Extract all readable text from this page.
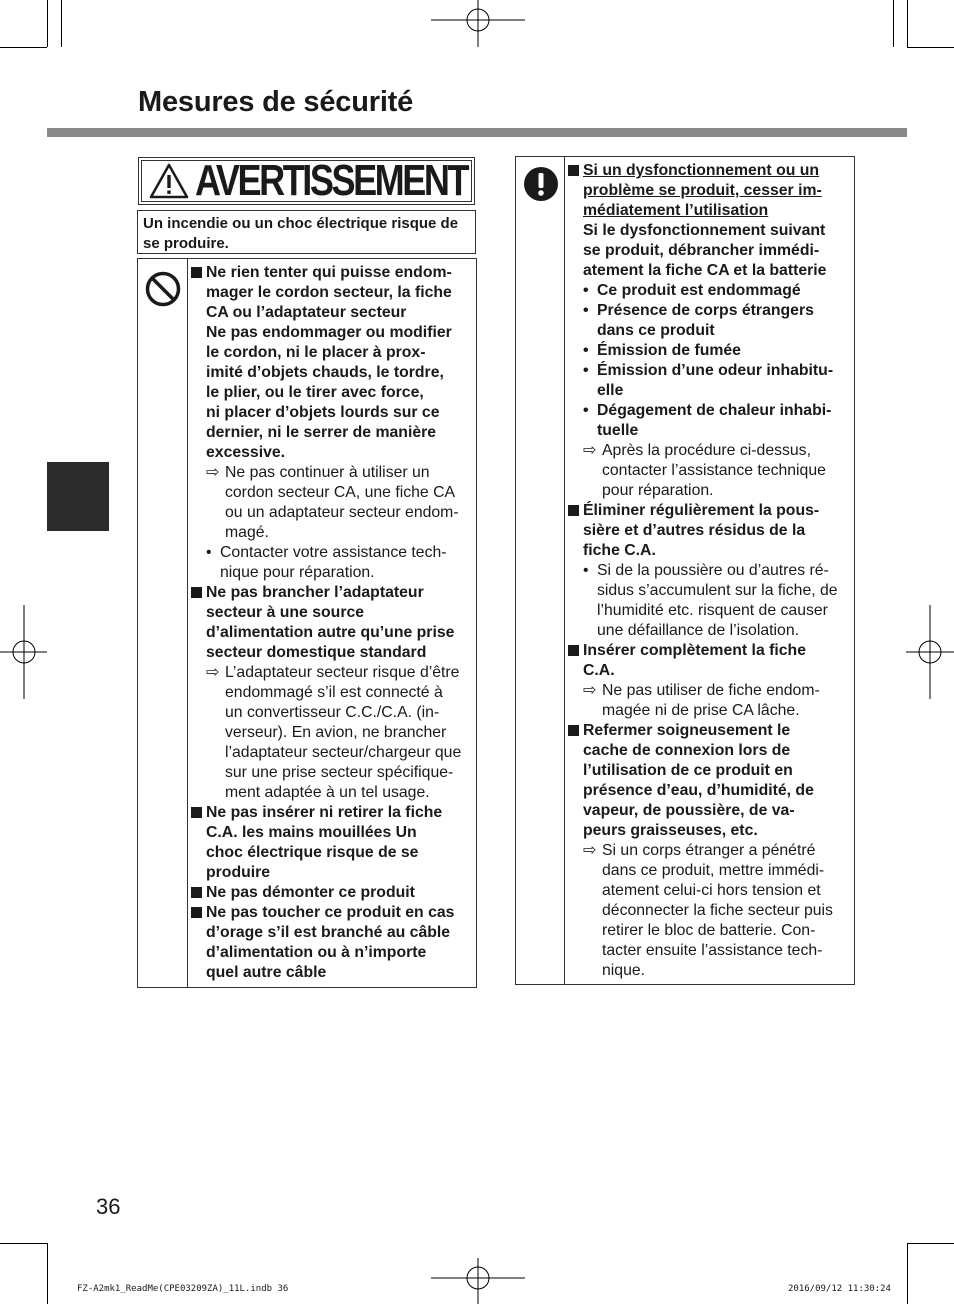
Mesures de sécurité
AVERTISSEMENT
Un incendie ou un choc électrique risque de se produire.

Ne rien tenter qui puisse endom-

mager le cordon secteur, la fiche

CA ou l’adaptateur secteur

Ne pas endommager ou modifier

le cordon, ni le placer à prox-

imité d’objets chauds, le tordre,

le plier, ou le tirer avec force,

ni placer d’objets lourds sur ce

dernier, ni le serrer de manière

excessive.

⇨ Ne pas continuer à utiliser un

cordon secteur CA, une fiche CA

ou un adaptateur secteur endom-

magé.

• Contacter votre assistance tech-

nique pour réparation.

Ne pas brancher l’adaptateur

secteur à une source

d’alimentation autre qu’une prise

secteur domestique standard

⇨ L’adaptateur secteur risque d’être

endommagé s’il est connecté à

un convertisseur C.C./C.A. (in-

verseur). En avion, ne brancher

l’adaptateur secteur/chargeur que

sur une prise secteur spécifique-

ment adaptée à un tel usage.

Ne pas insérer ni retirer la fiche

C.A. les mains mouillées Un

choc électrique risque de se

produire

Ne pas démonter ce produit

Ne pas toucher ce produit en cas

d’orage s’il est branché au câble

d’alimentation ou à n’importe

quel autre câble

Si un dysfonctionnement ou un

problème se produit, cesser im-

médiatement l’utilisation

Si le dysfonctionnement suivant

se produit, débrancher immédi-

atement la fiche CA et la batterie

• Ce produit est endommagé

• Présence de corps étrangers

dans ce produit

• Émission de fumée

• Émission d’une odeur inhabitu-

elle

• Dégagement de chaleur inhabi-

tuelle

⇨ Après la procédure ci-dessus,

contacter l’assistance technique

pour réparation.

Éliminer régulièrement la pous-

sière et d’autres résidus de la

fiche C.A.

• Si de la poussière ou d’autres ré-

sidus s’accumulent sur la fiche, de

l’humidité etc. risquent de causer

une défaillance de l’isolation.

Insérer complètement la fiche

C.A.

⇨ Ne pas utiliser de fiche endom-

magée ni de prise CA lâche.

Refermer soigneusement le

cache de connexion lors de

l’utilisation de ce produit en

présence d’eau, d’humidité, de

vapeur, de poussière, de va-

peurs graisseuses, etc.

⇨ Si un corps étranger a pénétré

dans ce produit, mettre immédi-

atement celui-ci hors tension et

déconnecter la fiche secteur puis

retirer le bloc de batterie. Con-

tacter ensuite l’assistance tech-

nique.

36
FZ-A2mk1_ReadMe(CPE03209ZA)_11L.indb 36	2016/09/12 11:30:24
